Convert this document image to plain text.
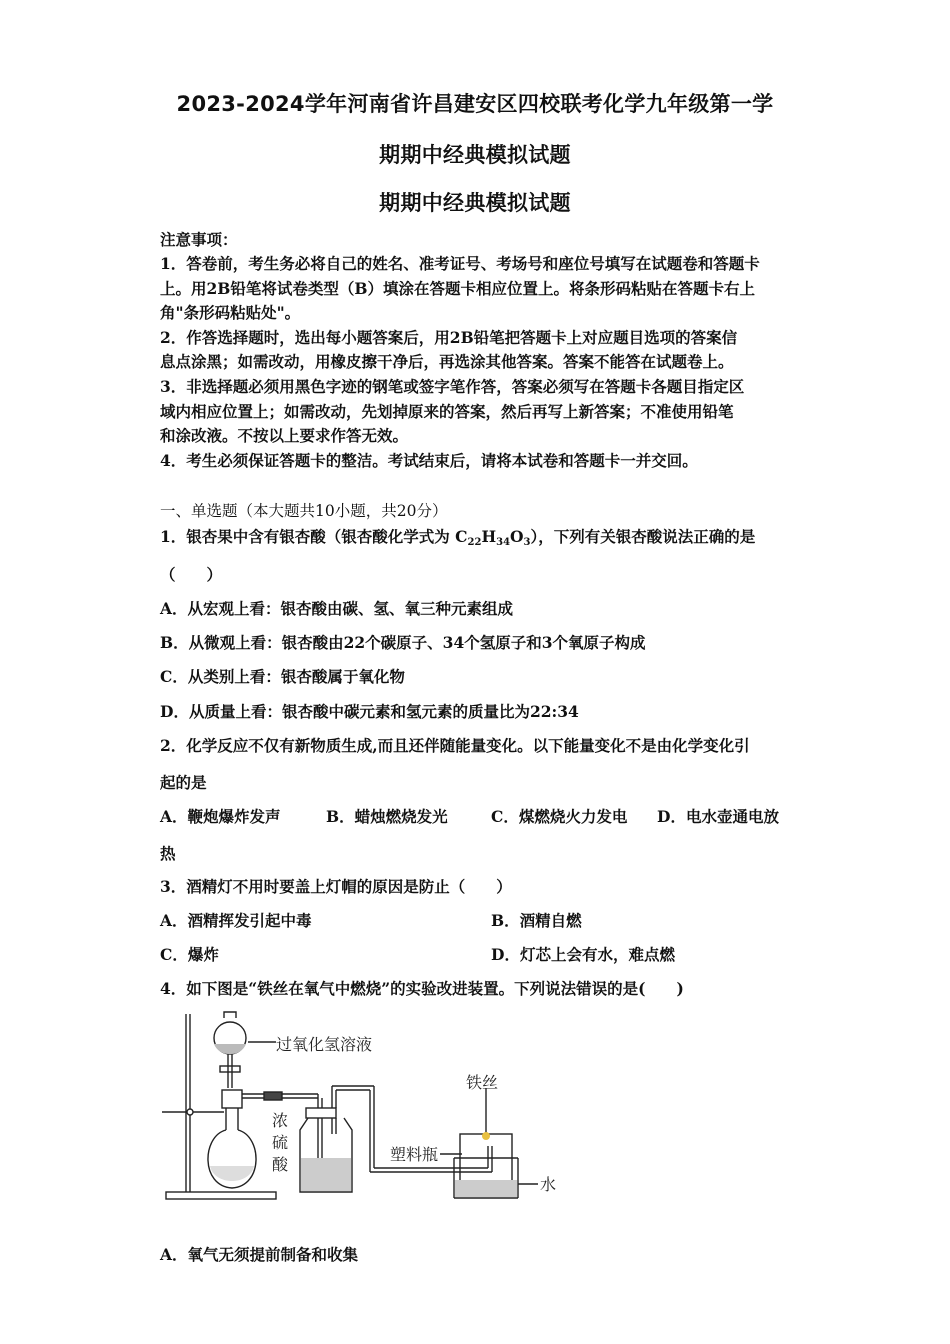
2023-2024学年河南省许昌建安区四校联考化学九年级第一学
期期中经典模拟试题
期期中经典模拟试题
注意事项：
1．答卷前，考生务必将自己的姓名、准考证号、考场号和座位号填写在试题卷和答题卡
上。用2B铅笔将试卷类型（B）填涂在答题卡相应位置上。将条形码粘贴在答题卡右上
角"条形码粘贴处"。
2．作答选择题时，选出每小题答案后，用2B铅笔把答题卡上对应题目选项的答案信
息点涂黑；如需改动，用橡皮擦干净后，再选涂其他答案。答案不能答在试题卷上。
3．非选择题必须用黑色字迹的钢笔或签字笔作答，答案必须写在答题卡各题目指定区
域内相应位置上；如需改动，先划掉原来的答案，然后再写上新答案；不准使用铅笔
和涂改液。不按以上要求作答无效。
4．考生必须保证答题卡的整洁。考试结束后，请将本试卷和答题卡一并交回。
一、单选题（本大题共10小题，共20分）
1．银杏果中含有银杏酸（银杏酸化学式为 $C_{22}H_{34}O_3$），下列有关银杏酸说法正确的是
（　　）
A．从宏观上看：银杏酸由碳、氢、氧三种元素组成
B．从微观上看：银杏酸由22个碳原子、34个氢原子和3个氧原子构成
C．从类别上看：银杏酸属于氧化物
D．从质量上看：银杏酸中碳元素和氢元素的质量比为22:34
2．化学反应不仅有新物质生成,而且还伴随能量变化。以下能量变化不是由化学变化引
起的是
A．鞭炮爆炸发声	B．蜡烛燃烧发光	C．煤燃烧火力发电 D．电水壶通电放
热
3．酒精灯不用时要盖上灯帽的原因是防止（　　）
A．酒精挥发引起中毒	B．酒精自燃
C．爆炸	D．灯芯上会有水，难点燃
4．如下图是“铁丝在氧气中燃烧”的实验改进装置。下列说法错误的是(　　)
过氧化氢溶液
铁丝
浓
硫
酸
塑料瓶
水
A．氧气无须提前制备和收集
